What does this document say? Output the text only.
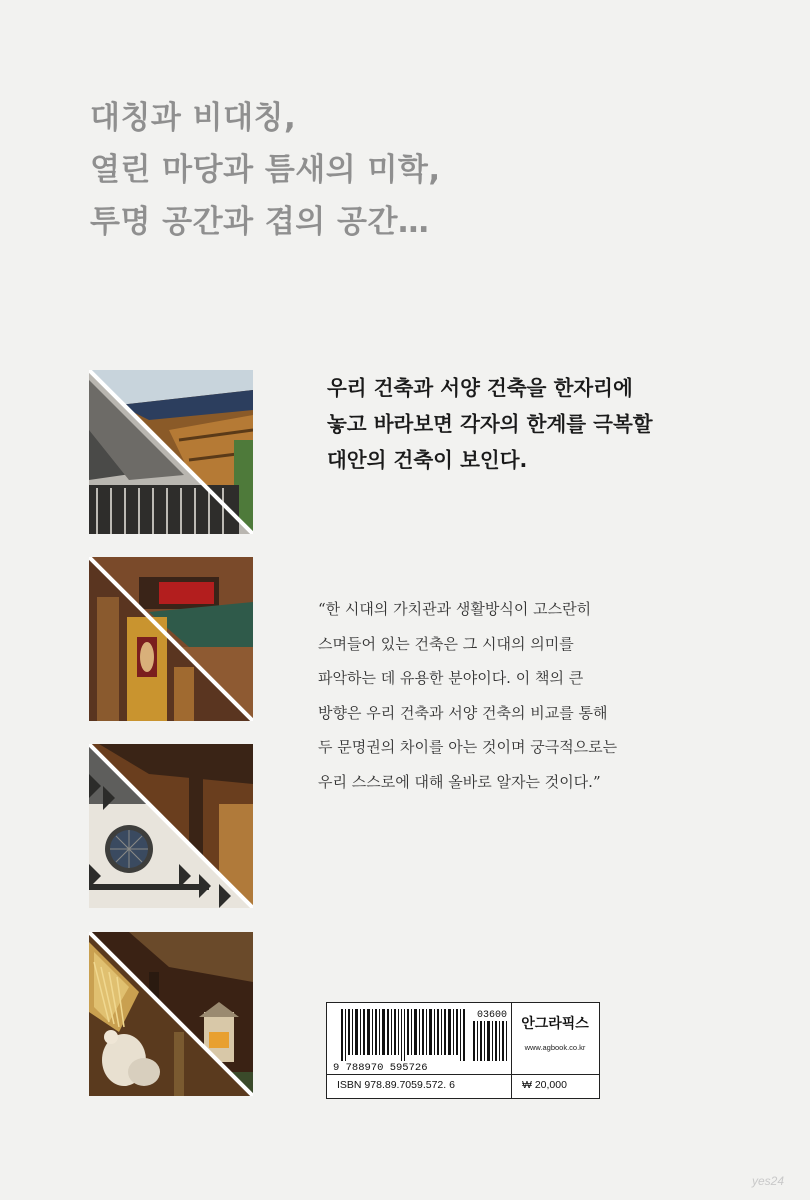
대칭과 비대칭,
열린 마당과 틈새의 미학,
투명 공간과 겹의 공간…
우리 건축과 서양 건축을 한자리에
놓고 바라보면 각자의 한계를 극복할
대안의 건축이 보인다.
“한 시대의 가치관과 생활방식이 고스란히
스며들어 있는 건축은 그 시대의 의미를
파악하는 데 유용한 분야이다. 이 책의 큰
방향은 우리 건축과 서양 건축의 비교를 통해
두 문명권의 차이를 아는 것이며 궁극적으로는
우리 스스로에 대해 올바로 알자는 것이다.”
03600
9 788970 595726
안그라픽스
www.agbook.co.kr
ISBN 978.89.7059.572. 6	₩ 20,000
yes24
